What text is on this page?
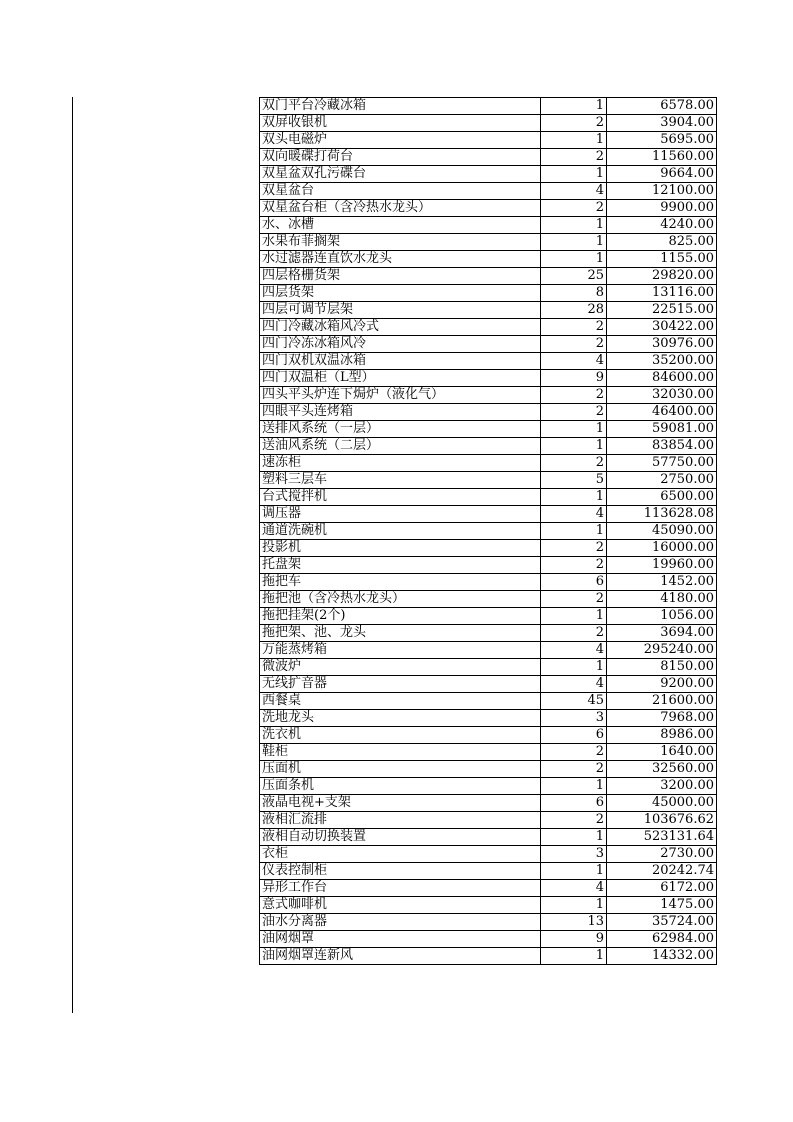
双门平台冷藏冰箱	1	6578.00
双屏收银机	2	3904.00
双头电磁炉	1	5695.00
双向暖碟打荷台	2	11560.00
双星盆双孔污碟台	1	9664.00
双星盆台	4	12100.00
双星盆台柜（含冷热水龙头）	2	9900.00
水、冰槽	1	4240.00
水果布菲搁架	1	825.00
水过滤器连直饮水龙头	1	1155.00
四层格栅货架	25	29820.00
四层货架	8	13116.00
四层可调节层架	28	22515.00
四门冷藏冰箱风冷式	2	30422.00
四门冷冻冰箱风冷	2	30976.00
四门双机双温冰箱	4	35200.00
四门双温柜（L型）	9	84600.00
四头平头炉连下焗炉（液化气）	2	32030.00
四眼平头连烤箱	2	46400.00
送排风系统（一层）	1	59081.00
送油风系统（二层）	1	83854.00
速冻柜	2	57750.00
塑料三层车	5	2750.00
台式搅拌机	1	6500.00
调压器	4	113628.08
通道洗碗机	1	45090.00
投影机	2	16000.00
托盘架	2	19960.00
拖把车	6	1452.00
拖把池（含冷热水龙头）	2	4180.00
拖把挂架(2个)	1	1056.00
拖把架、池、龙头	2	3694.00
万能蒸烤箱	4	295240.00
微波炉	1	8150.00
无线扩音器	4	9200.00
西餐桌	45	21600.00
洗地龙头	3	7968.00
洗衣机	6	8986.00
鞋柜	2	1640.00
压面机	2	32560.00
压面条机	1	3200.00
液晶电视+支架	6	45000.00
液相汇流排	2	103676.62
液相自动切换装置	1	523131.64
衣柜	3	2730.00
仪表控制柜	1	20242.74
异形工作台	4	6172.00
意式咖啡机	1	1475.00
油水分离器	13	35724.00
油网烟罩	9	62984.00
油网烟罩连新风	1	14332.00
